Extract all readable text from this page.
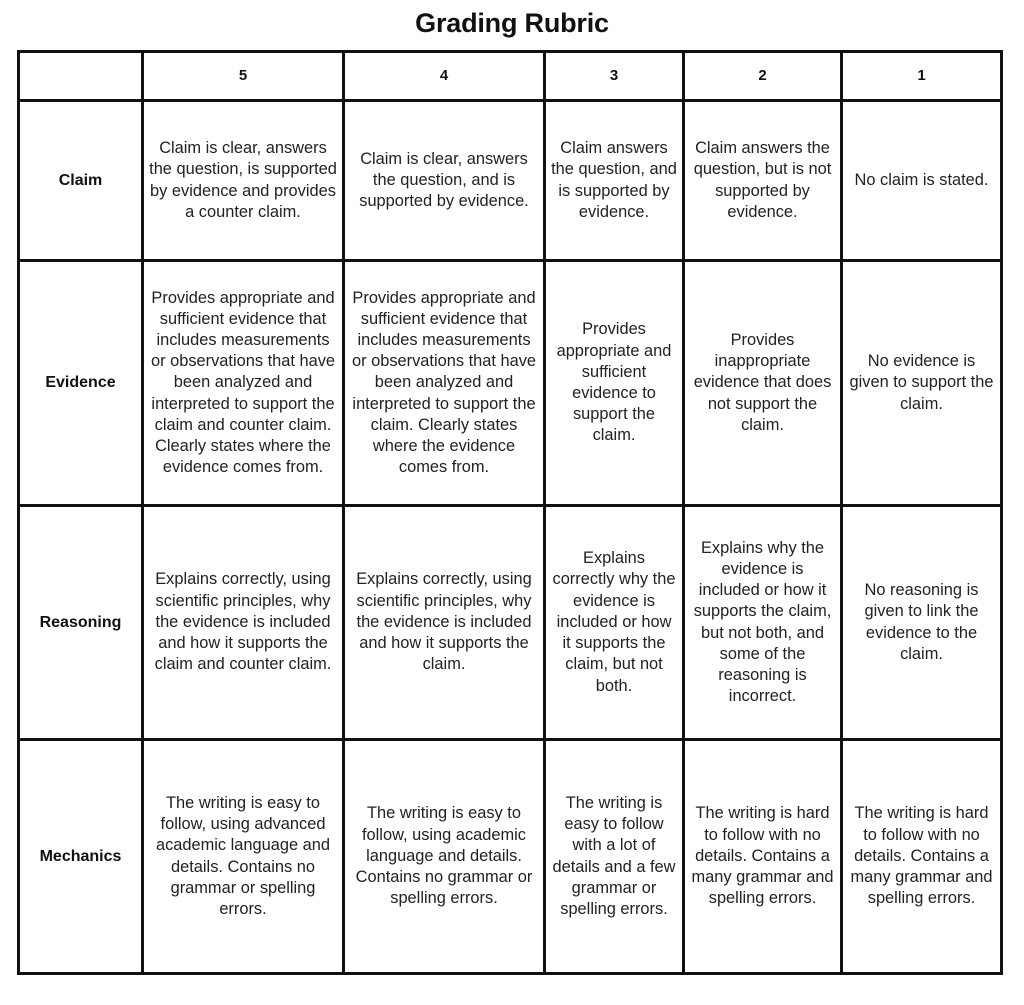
Grading Rubric
	5	4	3	2	1
Claim	Claim is clear, answers the question, is supported by evidence and provides a counter claim.	Claim is clear, answers the question, and is supported by evidence.	Claim answers the question, and is supported by evidence.	Claim answers the question, but is not supported by evidence.	No claim is stated.
Evidence	Provides appropriate and sufficient evidence that includes measurements or observations that have been analyzed and interpreted to support the claim and counter claim. Clearly states where the evidence comes from.	Provides appropriate and sufficient evidence that includes measurements or observations that have been analyzed and interpreted to support the claim. Clearly states where the evidence comes from.	Provides appropriate and sufficient evidence to support the claim.	Provides inappropriate evidence that does not support the claim.	No evidence is given to support the claim.
Reasoning	Explains correctly, using scientific principles, why the evidence is included and how it supports the claim and counter claim.	Explains correctly, using scientific principles, why the evidence is included and how it supports the claim.	Explains correctly why the evidence is included or how it supports the claim, but not both.	Explains why the evidence is included or how it supports the claim, but not both, and some of the reasoning is incorrect.	No reasoning is given to link the evidence to the claim.
Mechanics	The writing is easy to follow, using advanced academic language and details. Contains no grammar or spelling errors.	The writing is easy to follow, using academic language and details. Contains no grammar or spelling errors.	The writing is easy to follow with a lot of details and a few grammar or spelling errors.	The writing is hard to follow with no details. Contains a many grammar and spelling errors.	The writing is hard to follow with no details. Contains a many grammar and spelling errors.
